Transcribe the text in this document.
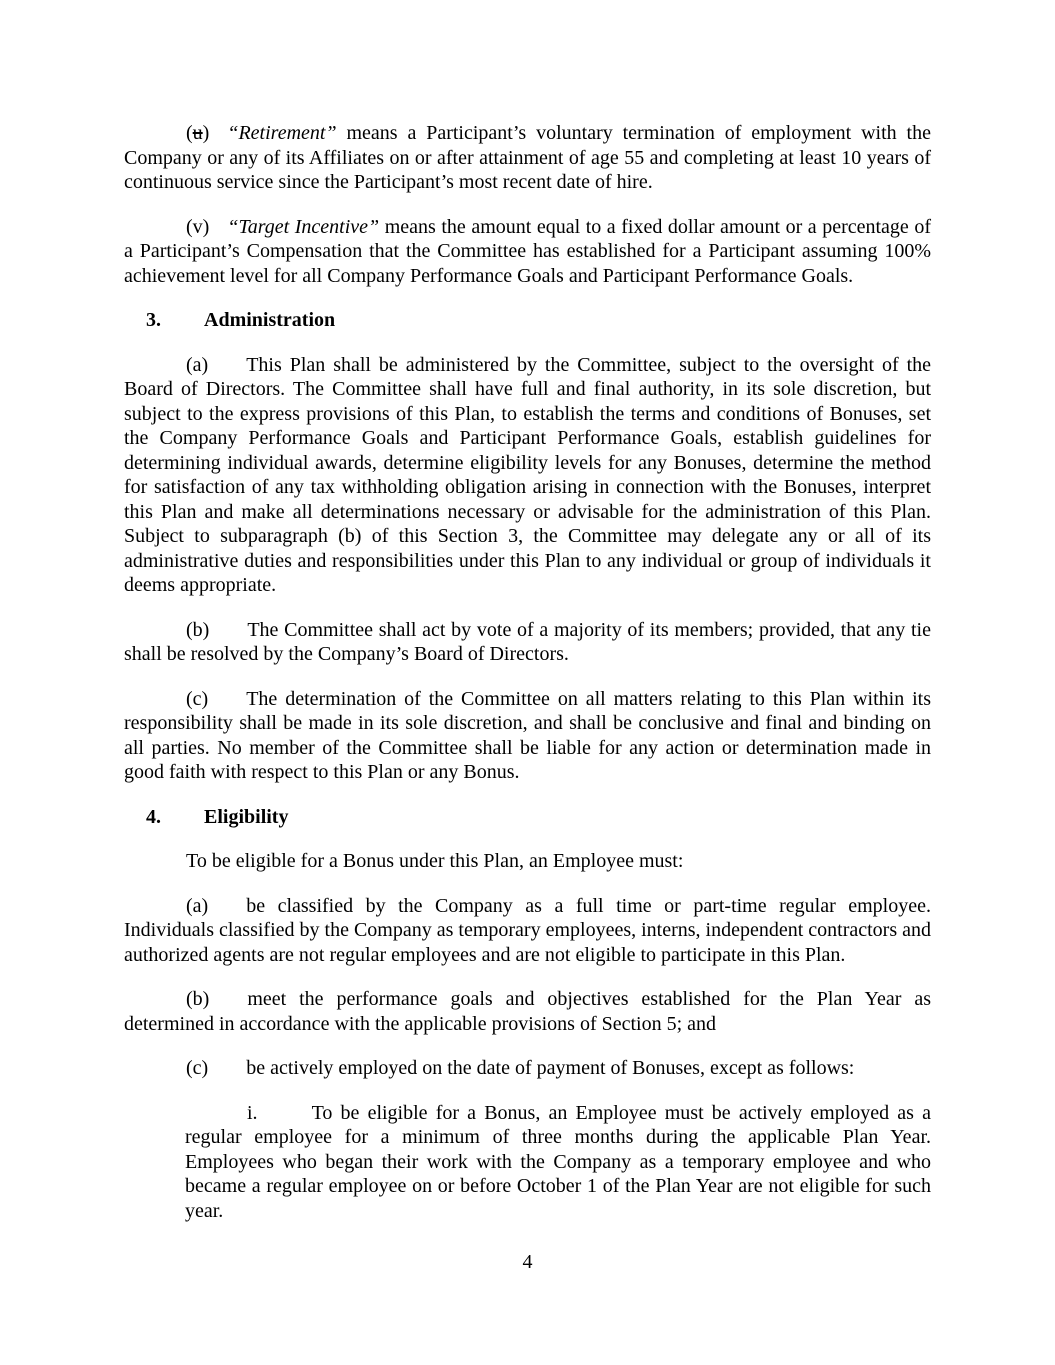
(u) “Retirement” means a Participant’s voluntary termination of employment with the Company or any of its Affiliates on or after attainment of age 55 and completing at least 10 years of continuous service since the Participant’s most recent date of hire.

(v) “Target Incentive” means the amount equal to a fixed dollar amount or a percentage of a Participant’s Compensation that the Committee has established for a Participant assuming 100% achievement level for all Company Performance Goals and Participant Performance Goals.

3. Administration

(a) This Plan shall be administered by the Committee, subject to the oversight of the Board of Directors. The Committee shall have full and final authority, in its sole discretion, but subject to the express provisions of this Plan, to establish the terms and conditions of Bonuses, set the Company Performance Goals and Participant Performance Goals, establish guidelines for determining individual awards, determine eligibility levels for any Bonuses, determine the method for satisfaction of any tax withholding obligation arising in connection with the Bonuses, interpret this Plan and make all determinations necessary or advisable for the administration of this Plan. Subject to subparagraph (b) of this Section 3, the Committee may delegate any or all of its administrative duties and responsibilities under this Plan to any individual or group of individuals it deems appropriate.

(b) The Committee shall act by vote of a majority of its members; provided, that any tie shall be resolved by the Company’s Board of Directors.

(c) The determination of the Committee on all matters relating to this Plan within its responsibility shall be made in its sole discretion, and shall be conclusive and final and binding on all parties. No member of the Committee shall be liable for any action or determination made in good faith with respect to this Plan or any Bonus.

4. Eligibility

To be eligible for a Bonus under this Plan, an Employee must:

(a) be classified by the Company as a full time or part-time regular employee. Individuals classified by the Company as temporary employees, interns, independent contractors and authorized agents are not regular employees and are not eligible to participate in this Plan.

(b) meet the performance goals and objectives established for the Plan Year as determined in accordance with the applicable provisions of Section 5; and

(c) be actively employed on the date of payment of Bonuses, except as follows:

i.	To be eligible for a Bonus, an Employee must be actively employed as a regular employee for a minimum of three months during the applicable Plan Year. Employees who began their work with the Company as a temporary employee and who became a regular employee on or before October 1 of the Plan Year are not eligible for such year.

4
